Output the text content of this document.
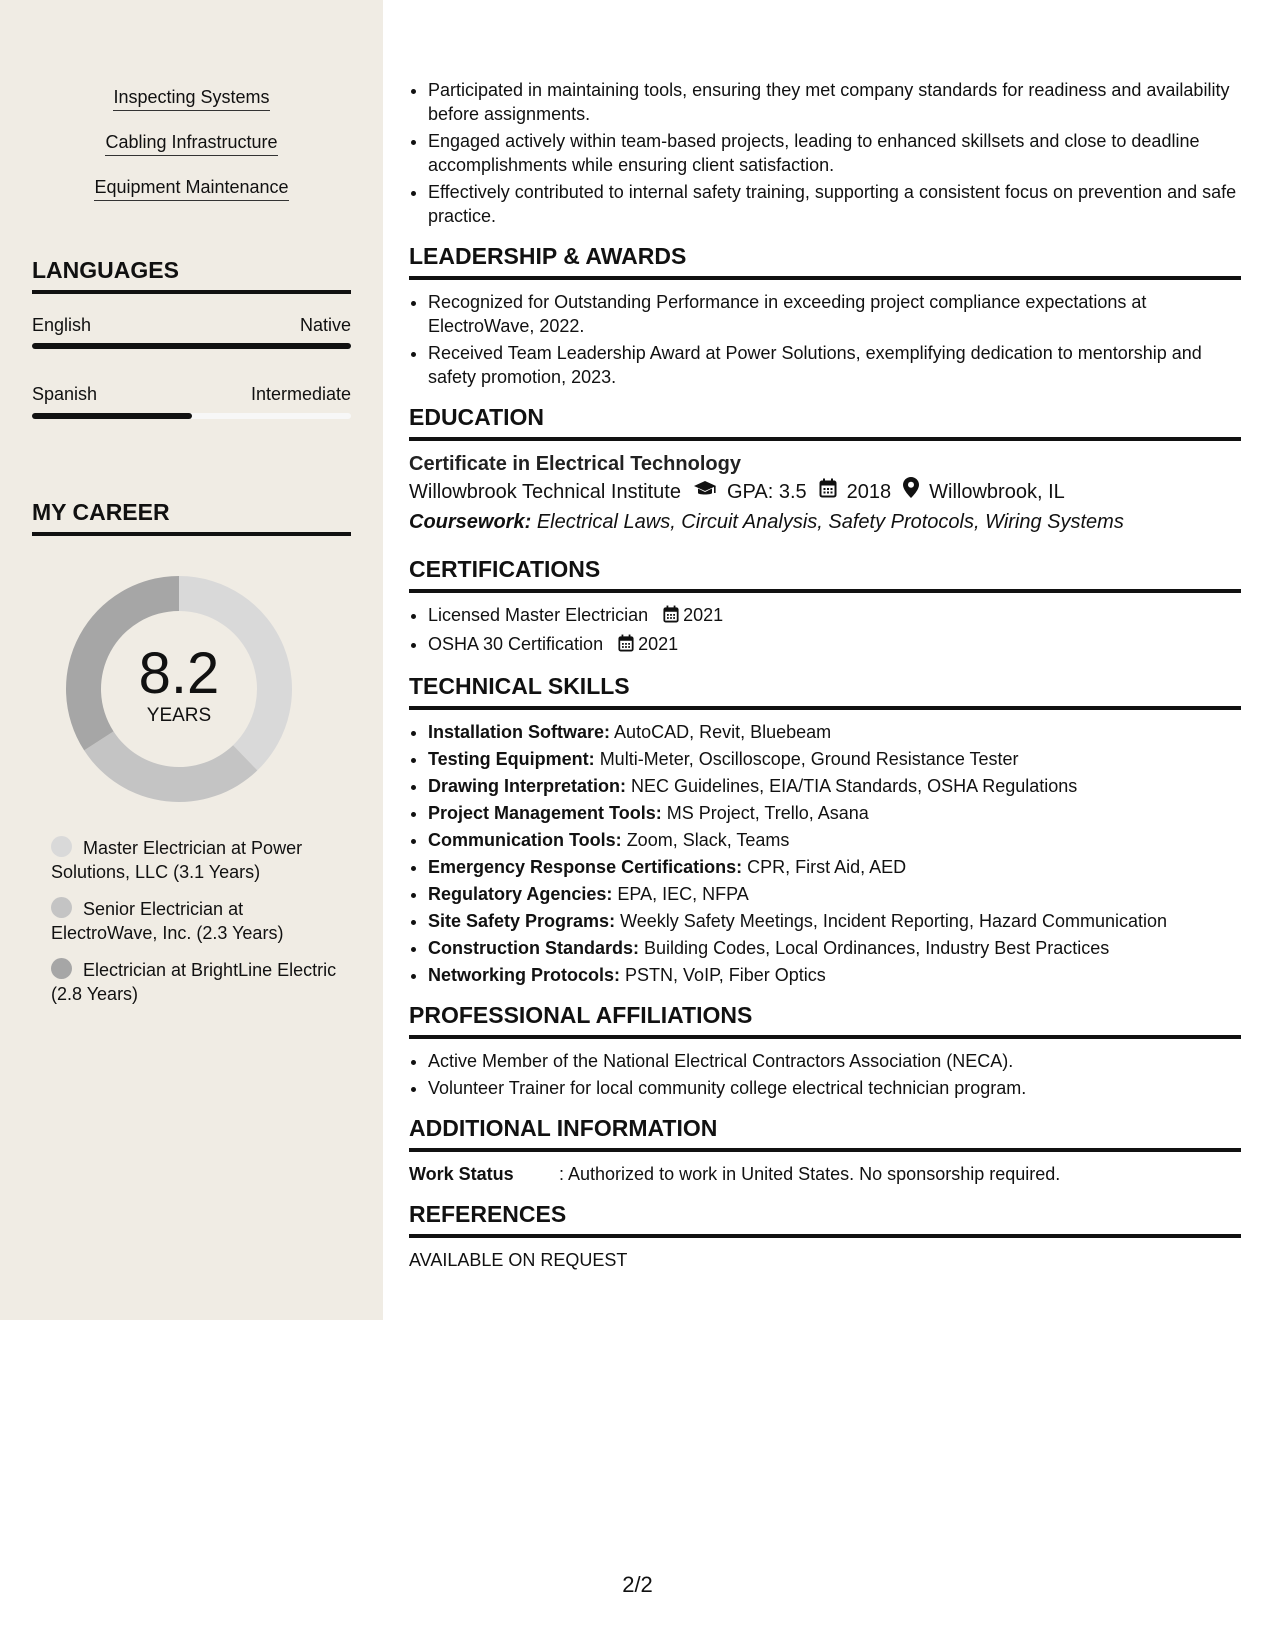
Inspecting Systems
Cabling Infrastructure
Equipment Maintenance
LANGUAGES
English	Native
Spanish	Intermediate
MY CAREER
8.2
YEARS
Master Electrician at Power Solutions, LLC (3.1 Years)
Senior Electrician at ElectroWave, Inc. (2.3 Years)
Electrician at BrightLine Electric (2.8 Years)
• Participated in maintaining tools, ensuring they met company standards for readiness and availability before assignments.
• Engaged actively within team-based projects, leading to enhanced skillsets and close to deadline accomplishments while ensuring client satisfaction.
• Effectively contributed to internal safety training, supporting a consistent focus on prevention and safe practice.
LEADERSHIP & AWARDS
• Recognized for Outstanding Performance in exceeding project compliance expectations at ElectroWave, 2022.
• Received Team Leadership Award at Power Solutions, exemplifying dedication to mentorship and safety promotion, 2023.
EDUCATION
Certificate in Electrical Technology
Willowbrook Technical Institute GPA: 3.5 2018 Willowbrook, IL
Coursework: Electrical Laws, Circuit Analysis, Safety Protocols, Wiring Systems
CERTIFICATIONS
• Licensed Master Electrician 2021
• OSHA 30 Certification 2021
TECHNICAL SKILLS
• Installation Software: AutoCAD, Revit, Bluebeam
• Testing Equipment: Multi-Meter, Oscilloscope, Ground Resistance Tester
• Drawing Interpretation: NEC Guidelines, EIA/TIA Standards, OSHA Regulations
• Project Management Tools: MS Project, Trello, Asana
• Communication Tools: Zoom, Slack, Teams
• Emergency Response Certifications: CPR, First Aid, AED
• Regulatory Agencies: EPA, IEC, NFPA
• Site Safety Programs: Weekly Safety Meetings, Incident Reporting, Hazard Communication
• Construction Standards: Building Codes, Local Ordinances, Industry Best Practices
• Networking Protocols: PSTN, VoIP, Fiber Optics
PROFESSIONAL AFFILIATIONS
• Active Member of the National Electrical Contractors Association (NECA).
• Volunteer Trainer for local community college electrical technician program.
ADDITIONAL INFORMATION
Work Status	: Authorized to work in United States. No sponsorship required.
REFERENCES
AVAILABLE ON REQUEST
2/2
